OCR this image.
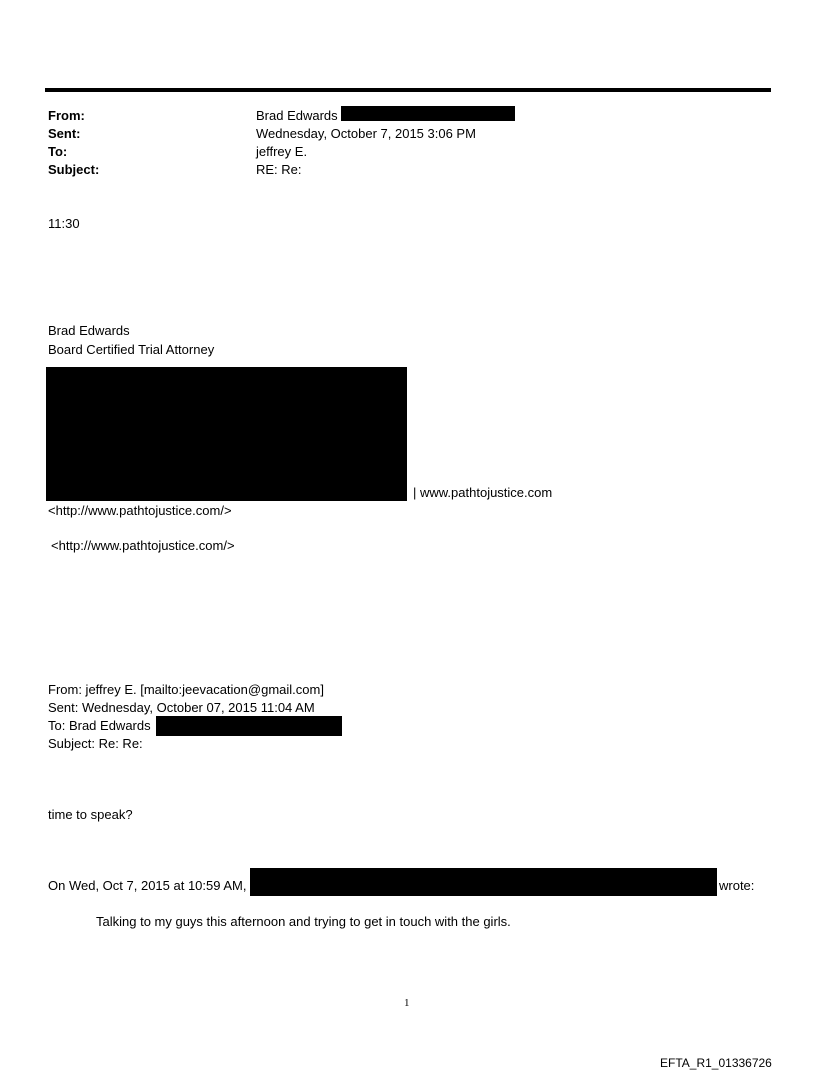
From:	Brad Edwards
Sent:	Wednesday, October 7, 2015 3:06 PM
To:	jeffrey E.
Subject:	RE: Re:
11:30
Brad Edwards
Board Certified Trial Attorney
| www.pathtojustice.com
<http://www.pathtojustice.com/>
<http://www.pathtojustice.com/>
From: jeffrey E. [mailto:jeevacation@gmail.com]
Sent: Wednesday, October 07, 2015 11:04 AM
To: Brad Edwards
Subject: Re: Re:
time to speak?
On Wed, Oct 7, 2015 at 10:59 AM,	wrote:
Talking to my guys this afternoon and trying to get in touch with the girls.
1
EFTA_R1_01336726
